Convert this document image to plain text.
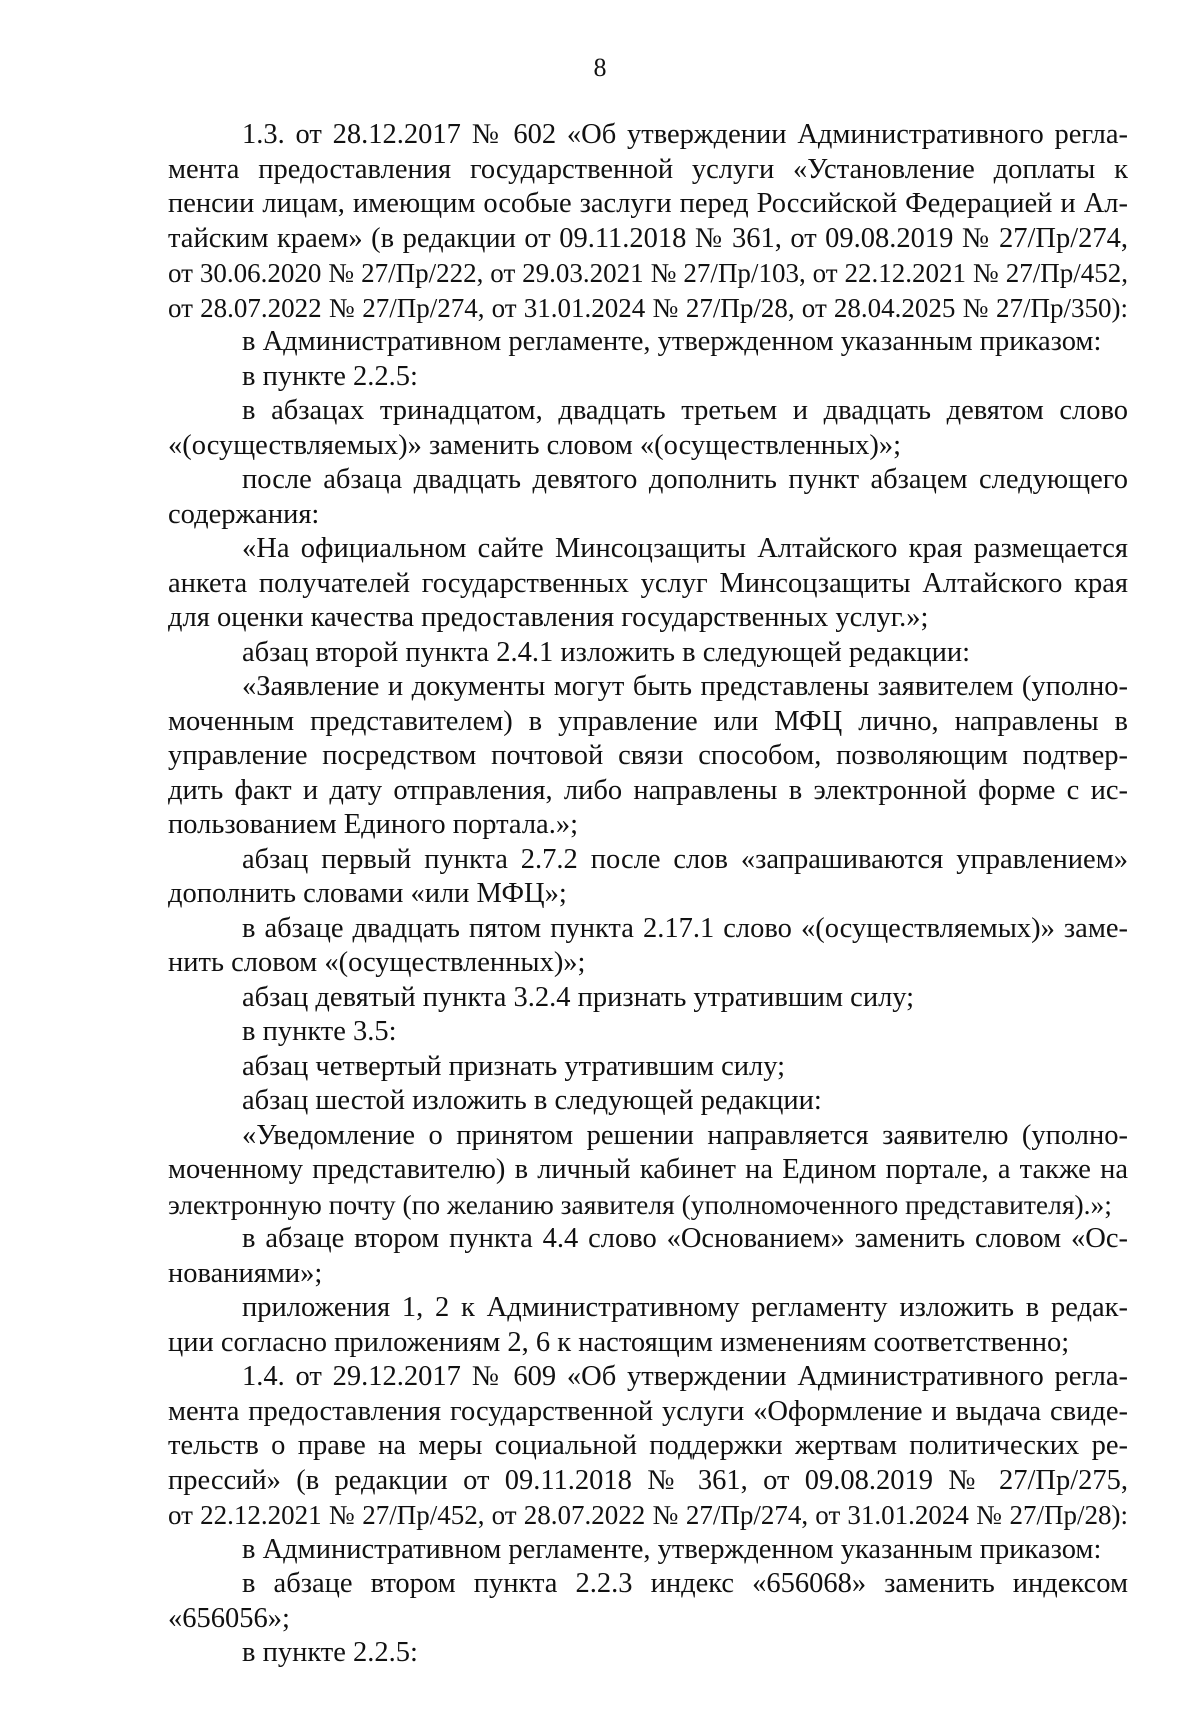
8
1.3. от 28.12.2017 № 602 «Об утверждении Административного регла-
мента предоставления государственной услуги «Установление доплаты к
пенсии лицам, имеющим особые заслуги перед Российской Федерацией и Ал-
тайским краем» (в редакции от 09.11.2018 № 361, от 09.08.2019 № 27/Пр/274,
от 30.06.2020 № 27/Пр/222, от 29.03.2021 № 27/Пр/103, от 22.12.2021 № 27/Пр/452,
от 28.07.2022 № 27/Пр/274, от 31.01.2024 № 27/Пр/28, от 28.04.2025 № 27/Пр/350):
в Административном регламенте, утвержденном указанным приказом:
в пункте 2.2.5:
в абзацах тринадцатом, двадцать третьем и двадцать девятом слово
«(осуществляемых)» заменить словом «(осуществленных)»;
после абзаца двадцать девятого дополнить пункт абзацем следующего
содержания:
«На официальном сайте Минсоцзащиты Алтайского края размещается
анкета получателей государственных услуг Минсоцзащиты Алтайского края
для оценки качества предоставления государственных услуг.»;
абзац второй пункта 2.4.1 изложить в следующей редакции:
«Заявление и документы могут быть представлены заявителем (уполно-
моченным представителем) в управление или МФЦ лично, направлены в
управление посредством почтовой связи способом, позволяющим подтвер-
дить факт и дату отправления, либо направлены в электронной форме с ис-
пользованием Единого портала.»;
абзац первый пункта 2.7.2 после слов «запрашиваются управлением»
дополнить словами «или МФЦ»;
в абзаце двадцать пятом пункта 2.17.1 слово «(осуществляемых)» заме-
нить словом «(осуществленных)»;
абзац девятый пункта 3.2.4 признать утратившим силу;
в пункте 3.5:
абзац четвертый признать утратившим силу;
абзац шестой изложить в следующей редакции:
«Уведомление о принятом решении направляется заявителю (уполно-
моченному представителю) в личный кабинет на Едином портале, а также на
электронную почту (по желанию заявителя (уполномоченного представителя).»;
в абзаце втором пункта 4.4 слово «Основанием» заменить словом «Ос-
нованиями»;
приложения 1, 2 к Административному регламенту изложить в редак-
ции согласно приложениям 2, 6 к настоящим изменениям соответственно;
1.4. от 29.12.2017 № 609 «Об утверждении Административного регла-
мента предоставления государственной услуги «Оформление и выдача свиде-
тельств о праве на меры социальной поддержки жертвам политических ре-
прессий» (в редакции от 09.11.2018 № 361, от 09.08.2019 № 27/Пр/275,
от 22.12.2021 № 27/Пр/452, от 28.07.2022 № 27/Пр/274, от 31.01.2024 № 27/Пр/28):
в Административном регламенте, утвержденном указанным приказом:
в абзаце втором пункта 2.2.3 индекс «656068» заменить индексом
«656056»;
в пункте 2.2.5:
